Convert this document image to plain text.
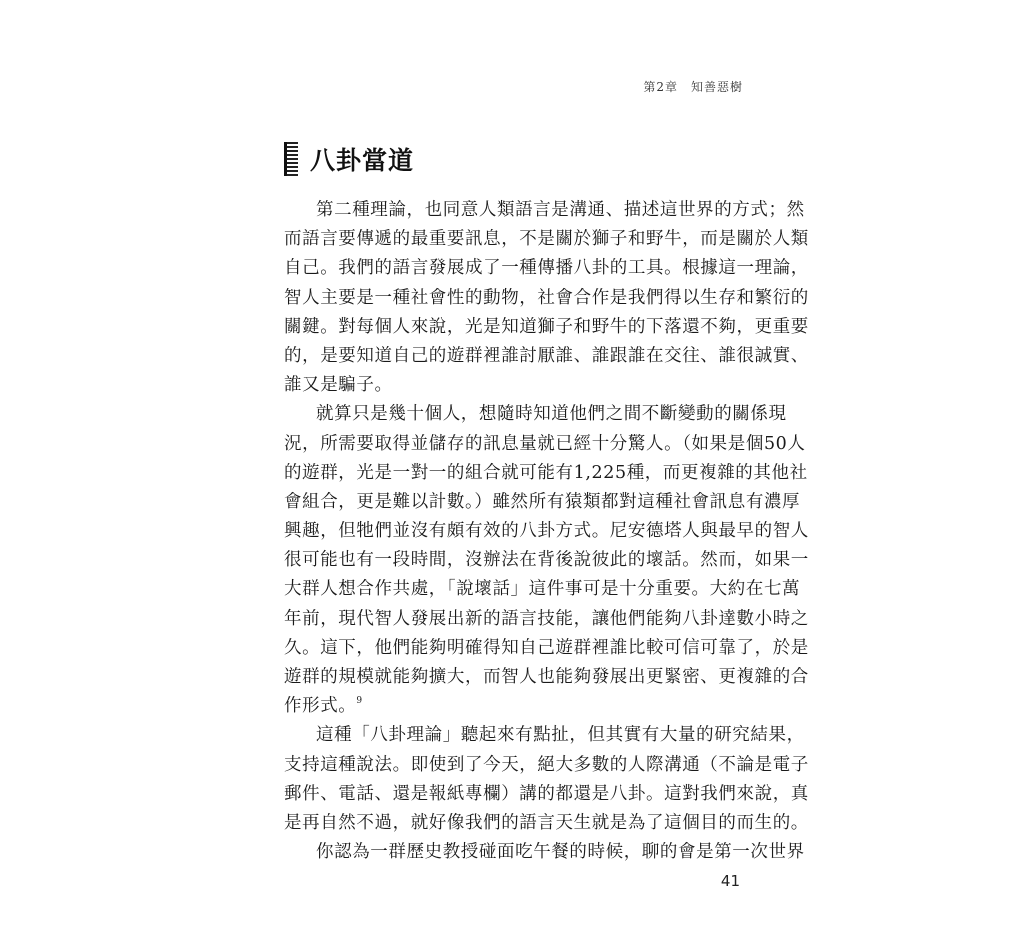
第2章　知善惡樹
八卦當道
第二種理論，也同意人類語言是溝通、描述這世界的方式；然
而語言要傳遞的最重要訊息，不是關於獅子和野牛，而是關於人類
自己。我們的語言發展成了一種傳播八卦的工具。根據這一理論，
智人主要是一種社會性的動物，社會合作是我們得以生存和繁衍的
關鍵。對每個人來說，光是知道獅子和野牛的下落還不夠，更重要
的，是要知道自己的遊群裡誰討厭誰、誰跟誰在交往、誰很誠實、
誰又是騙子。
就算只是幾十個人，想隨時知道他們之間不斷變動的關係現
況，所需要取得並儲存的訊息量就已經十分驚人。（如果是個50人
的遊群，光是一對一的組合就可能有1,225種，而更複雜的其他社
會組合，更是難以計數。）雖然所有猿類都對這種社會訊息有濃厚
興趣，但牠們並沒有頗有效的八卦方式。尼安德塔人與最早的智人
很可能也有一段時間，沒辦法在背後說彼此的壞話。然而，如果一
大群人想合作共處，「說壞話」這件事可是十分重要。大約在七萬
年前，現代智人發展出新的語言技能，讓他們能夠八卦達數小時之
久。這下，他們能夠明確得知自己遊群裡誰比較可信可靠了，於是
遊群的規模就能夠擴大，而智人也能夠發展出更緊密、更複雜的合
作形式。$^9$
這種「八卦理論」聽起來有點扯，但其實有大量的研究結果，
支持這種說法。即使到了今天，絕大多數的人際溝通（不論是電子
郵件、電話、還是報紙專欄）講的都還是八卦。這對我們來說，真
是再自然不過，就好像我們的語言天生就是為了這個目的而生的。
你認為一群歷史教授碰面吃午餐的時候，聊的會是第一次世界
41
